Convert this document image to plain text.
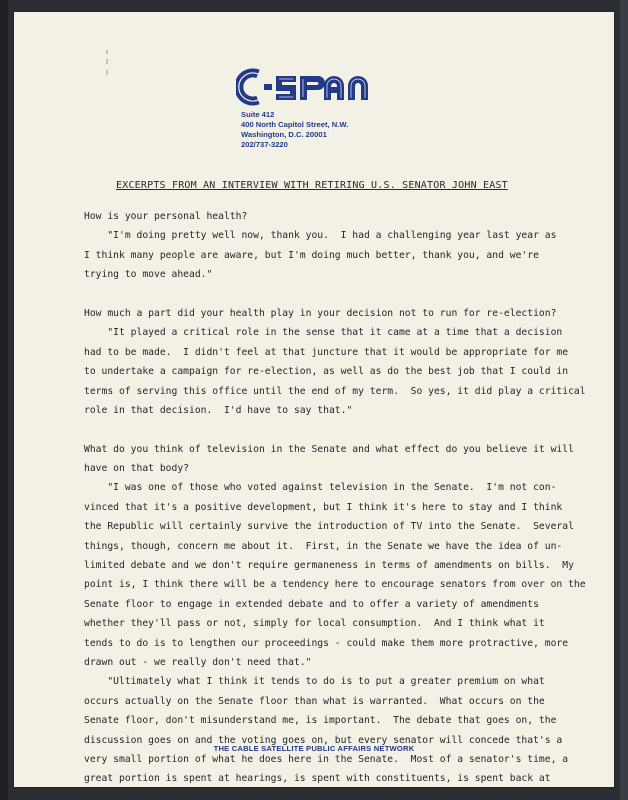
Suite 412
400 North Capitol Street, N.W.
Washington, D.C. 20001
202/737-3220
EXCERPTS FROM AN INTERVIEW WITH RETIRING U.S. SENATOR JOHN EAST
How is your personal health?
"I'm doing pretty well now, thank you.  I had a challenging year last year as
I think many people are aware, but I'm doing much better, thank you, and we're
trying to move ahead."
How much a part did your health play in your decision not to run for re-election?
"It played a critical role in the sense that it came at a time that a decision
had to be made.  I didn't feel at that juncture that it would be appropriate for me
to undertake a campaign for re-election, as well as do the best job that I could in
terms of serving this office until the end of my term.  So yes, it did play a critical
role in that decision.  I'd have to say that."
What do you think of television in the Senate and what effect do you believe it will
have on that body?
"I was one of those who voted against television in the Senate.  I'm not con-
vinced that it's a positive development, but I think it's here to stay and I think
the Republic will certainly survive the introduction of TV into the Senate.  Several
things, though, concern me about it.  First, in the Senate we have the idea of un-
limited debate and we don't require germaneness in terms of amendments on bills.  My
point is, I think there will be a tendency here to encourage senators from over on the
Senate floor to engage in extended debate and to offer a variety of amendments
whether they'll pass or not, simply for local consumption.  And I think what it
tends to do is to lengthen our proceedings - could make them more protractive, more
drawn out - we really don't need that."
"Ultimately what I think it tends to do is to put a greater premium on what
occurs actually on the Senate floor than what is warranted.  What occurs on the
Senate floor, don't misunderstand me, is important.  The debate that goes on, the
discussion goes on and the voting goes on, but every senator will concede that's a
very small portion of what he does here in the Senate.  Most of a senator's time, a
great portion is spent at hearings, is spent with constituents, is spent back at
THE CABLE SATELLITE PUBLIC AFFAIRS NETWORK
